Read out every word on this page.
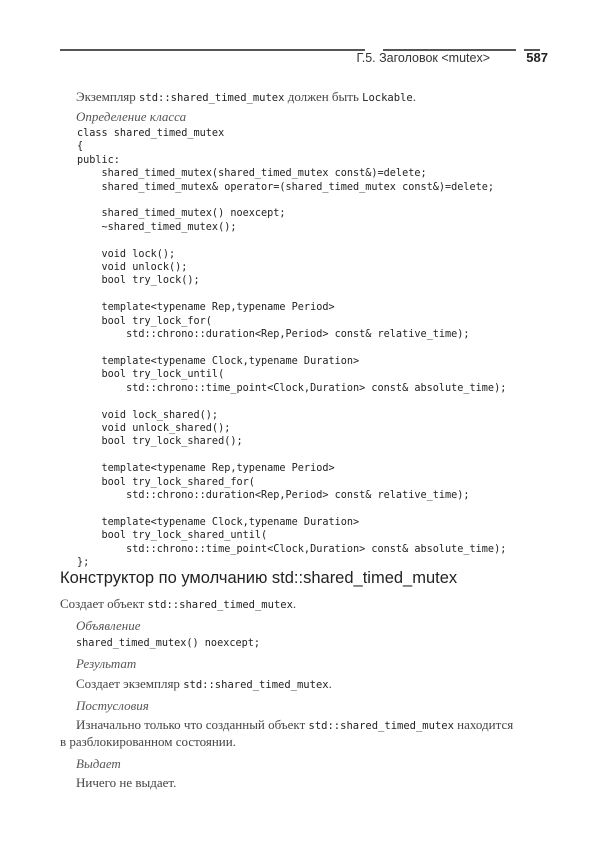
Г.5. Заголовок <mutex>	587
Экземпляр std::shared_timed_mutex должен быть Lockable.
Определение класса
class shared_timed_mutex
{
public:
shared_timed_mutex(shared_timed_mutex const&)=delete;
shared_timed_mutex& operator=(shared_timed_mutex const&)=delete;

shared_timed_mutex() noexcept;
~shared_timed_mutex();

void lock();
void unlock();
bool try_lock();

template<typename Rep,typename Period>
bool try_lock_for(
std::chrono::duration<Rep,Period> const& relative_time);

template<typename Clock,typename Duration>
bool try_lock_until(
std::chrono::time_point<Clock,Duration> const& absolute_time);

void lock_shared();
void unlock_shared();
bool try_lock_shared();

template<typename Rep,typename Period>
bool try_lock_shared_for(
std::chrono::duration<Rep,Period> const& relative_time);

template<typename Clock,typename Duration>
bool try_lock_shared_until(
std::chrono::time_point<Clock,Duration> const& absolute_time);
};
Конструктор по умолчанию std::shared_timed_mutex
Создает объект std::shared_timed_mutex.
Объявление
shared_timed_mutex() noexcept;
Результат
Создает экземпляр std::shared_timed_mutex.
Постусловия
Изначально только что созданный объект std::shared_timed_mutex находится
в разблокированном состоянии.
Выдает
Ничего не выдает.
